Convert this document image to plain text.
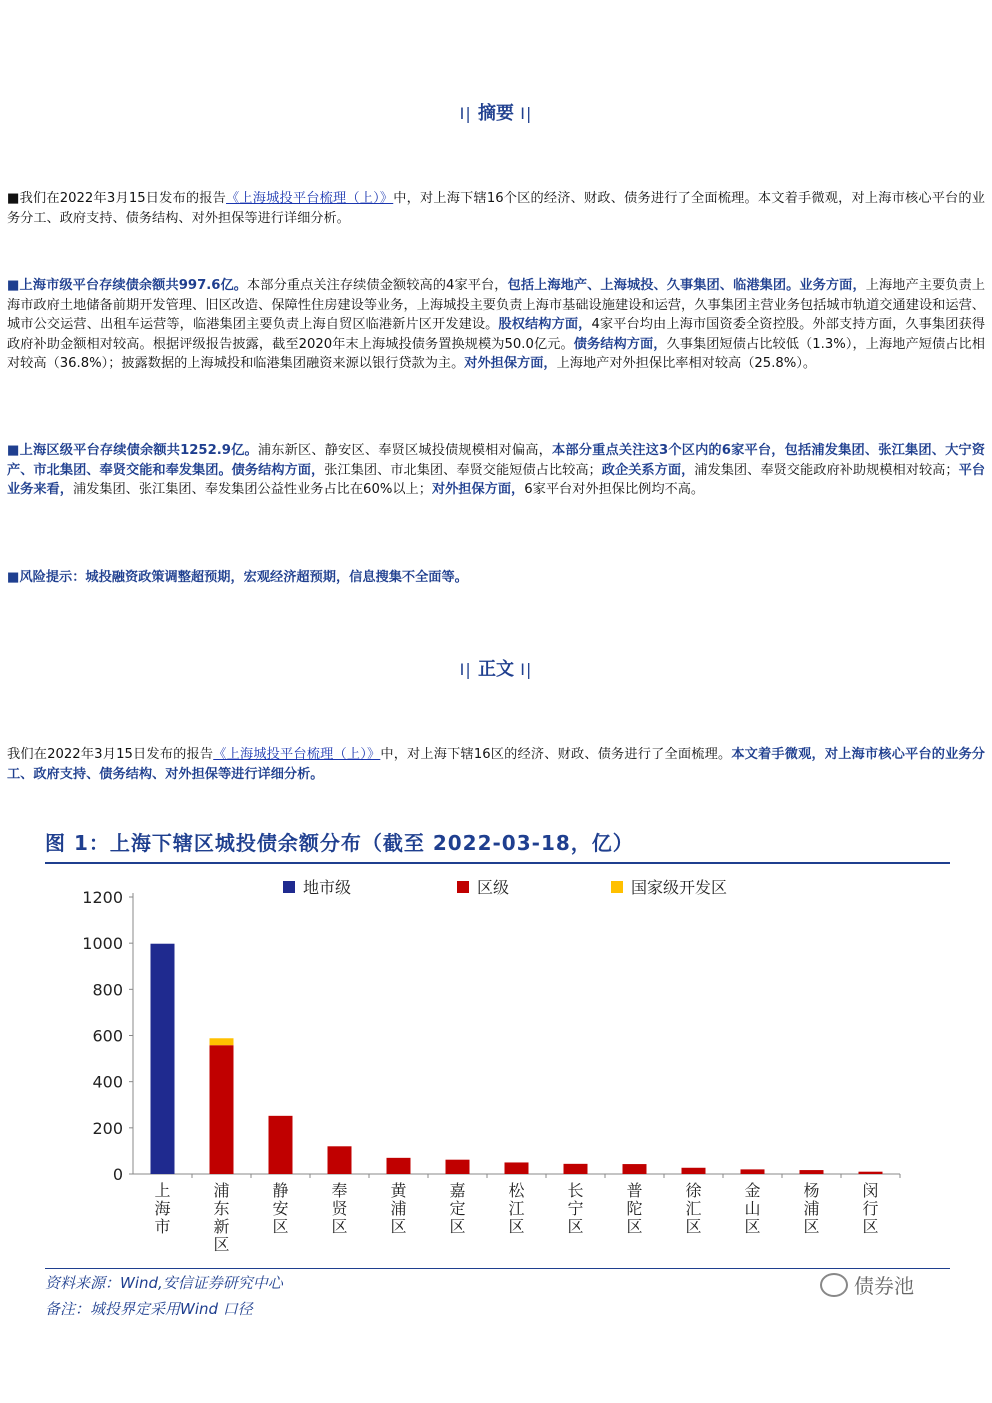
I| 摘要 I|
■我们在2022年3月15日发布的报告《上海城投平台梳理（上）》中，对上海下辖16个区的经济、财政、债务进行了全面梳理。本文着手微观，对上海市核心平台的业务分工、政府支持、债务结构、对外担保等进行详细分析。
■上海市级平台存续债余额共997.6亿。本部分重点关注存续债金额较高的4家平台，包括上海地产、上海城投、久事集团、临港集团。业务方面，上海地产主要负责上海市政府土地储备前期开发管理、旧区改造、保障性住房建设等业务，上海城投主要负责上海市基础设施建设和运营，久事集团主营业务包括城市轨道交通建设和运营、城市公交运营、出租车运营等，临港集团主要负责上海自贸区临港新片区开发建设。股权结构方面，4家平台均由上海市国资委全资控股。外部支持方面，久事集团获得政府补助金额相对较高。根据评级报告披露，截至2020年末上海城投债务置换规模为50.0亿元。债务结构方面，久事集团短债占比较低（1.3%），上海地产短债占比相对较高（36.8%）；披露数据的上海城投和临港集团融资来源以银行贷款为主。对外担保方面，上海地产对外担保比率相对较高（25.8%）。
■上海区级平台存续债余额共1252.9亿。浦东新区、静安区、奉贤区城投债规模相对偏高，本部分重点关注这3个区内的6家平台，包括浦发集团、张江集团、大宁资产、市北集团、奉贤交能和奉发集团。债务结构方面，张江集团、市北集团、奉贤交能短债占比较高；政企关系方面，浦发集团、奉贤交能政府补助规模相对较高；平台业务来看，浦发集团、张江集团、奉发集团公益性业务占比在60%以上；对外担保方面，6家平台对外担保比例均不高。
■风险提示：城投融资政策调整超预期，宏观经济超预期，信息搜集不全面等。
I| 正文 I|
我们在2022年3月15日发布的报告《上海城投平台梳理（上）》中，对上海下辖16区的经济、财政、债务进行了全面梳理。本文着手微观，对上海市核心平台的业务分工、政府支持、债务结构、对外担保等进行详细分析。
图 1：上海下辖区城投债余额分布（截至 2022-03-18，亿）
地市级	区级	国家级开发区
0
200
400
600
800
1000
1200
上海市
浦东新区
静安区
奉贤区
黄浦区
嘉定区
松江区
长宁区
普陀区
徐汇区
金山区
杨浦区
闵行区
资料来源：Wind,安信证券研究中心
备注：城投界定采用Wind 口径
债券池
